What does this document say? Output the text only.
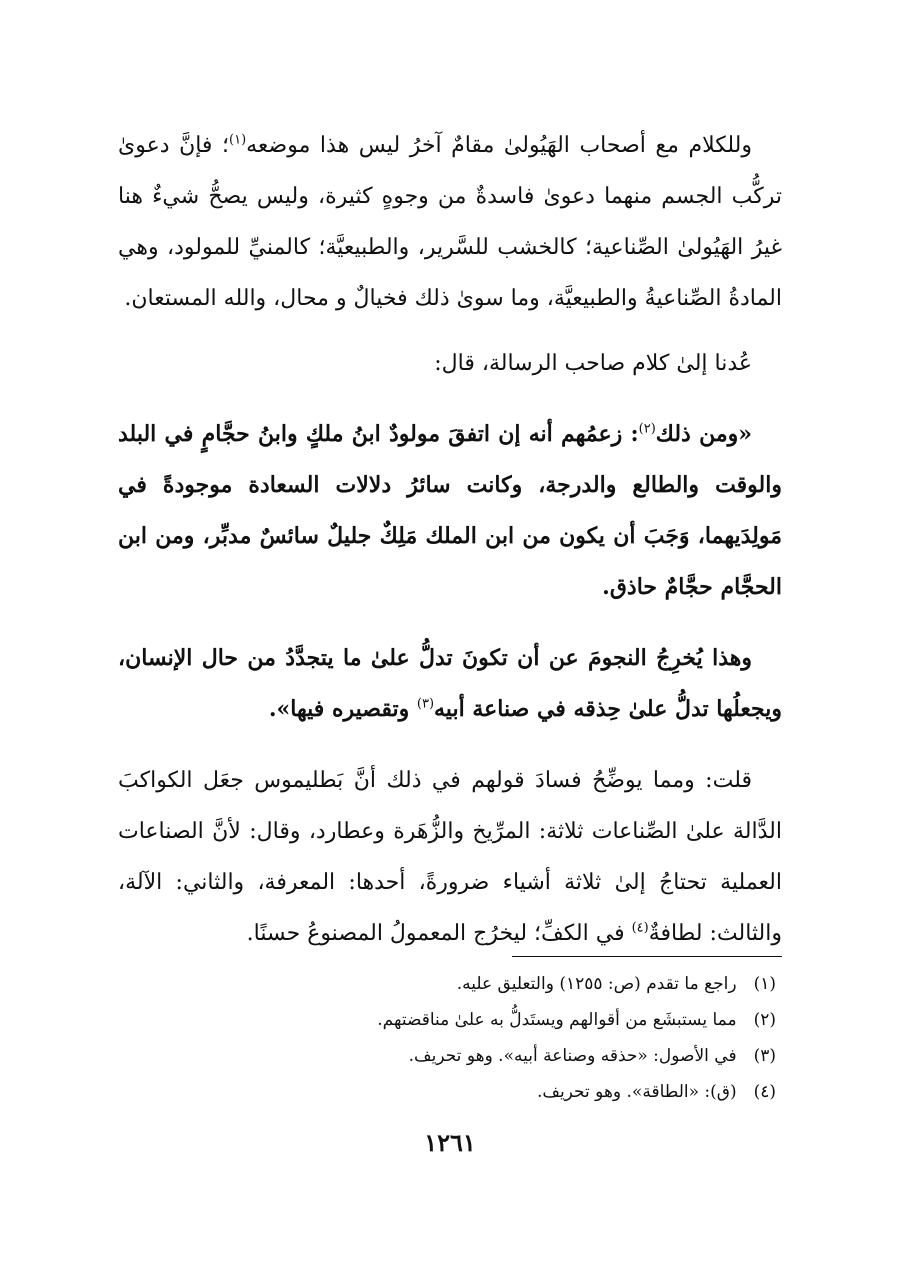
وللكلام مع أصحاب الهَيُولىٰ مقامٌ آخرُ ليس هذا موضعه$^{(١)}$؛ فإنَّ دعوىٰ تركُّب الجسم منهما دعوىٰ فاسدةٌ من وجوهٍ كثيرة، وليس يصحُّ شيءٌ هنا غيرُ الهَيُولىٰ الصِّناعية؛ كالخشب للسَّرير، والطبيعيَّة؛ كالمنيِّ للمولود، وهي المادةُ الصِّناعيةُ والطبيعيَّة، وما سوىٰ ذلك فخيالٌ و محال، والله المستعان.

عُدنا إلىٰ كلام صاحب الرسالة، قال:

«ومن ذلك$^{(٢)}$: زعمُهم أنه إن اتفقَ مولودٌ ابنُ ملكٍ وابنُ حجَّامٍ في البلد والوقت والطالع والدرجة، وكانت سائرُ دلالات السعادة موجودةً في مَولِدَيهما، وَجَبَ أن يكون من ابن الملك مَلِكٌ جليلٌ سائسٌ مدبِّر، ومن ابن الحجَّام حجَّامٌ حاذق.

وهذا يُخرِجُ النجومَ عن أن تكونَ تدلُّ علىٰ ما يتجدَّدُ من حال الإنسان، ويجعلُها تدلُّ علىٰ حِذقه في صناعة أبيه$^{(٣)}$ وتقصيره فيها».

قلت: ومما يوضِّحُ فسادَ قولهم في ذلك أنَّ بَطليموس جعَل الكواكبَ الدَّالة علىٰ الصِّناعات ثلاثة: المرِّيخ والزُّهَرة وعطارد، وقال: لأنَّ الصناعات العملية تحتاجُ إلىٰ ثلاثة أشياء ضرورةً، أحدها: المعرفة، والثاني: الآلة، والثالث: لطافةٌ$^{(٤)}$ في الكفِّ؛ ليخرُج المعمولُ المصنوعُ حسنًا.

(١) راجع ما تقدم (ص: ١٢٥٥) والتعليق عليه.

(٢) مما يستبشَع من أقوالهم ويستَدلُّ به علىٰ مناقضتهم.

(٣) في الأصول: «حذقه وصناعة أبيه». وهو تحريف.

(٤) (ق): «الطاقة». وهو تحريف.

١٢٦١
